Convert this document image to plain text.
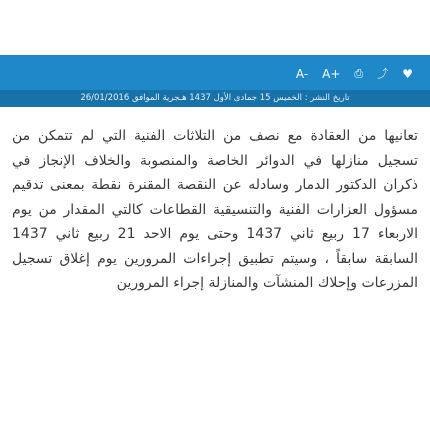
♥
⤴
⎙
A+
A-
تاريخ النشر : الخميس 15 جمادى الأول 1437 هـجرية الموافق 26/01/2016

تعانيها من العقادة مع نصف من التلاثات الفنية التي لم تتمكن من تسجيل منازلها في الدوائر الخاصة والمنصوبة والخلاف الإنجاز في ذكران الدكتور الدمار وسادله عن النقصة المقنرة نقطة بمعنى تدقيم مسؤول العزارات الفنية والتنسيقية القطاعات كالتي المقدار من يوم الاربعاء 17 ربيع ثاني 1437 وحتى يوم الاحد 21 ربيع ثاني 1437 السابقة سابقاً ، وسيتم تطبيق إجراءات المرورين يوم إغلاق تسجيل المزرعات وإحلاك المنشآت والمنازلة إجراء المرورين
